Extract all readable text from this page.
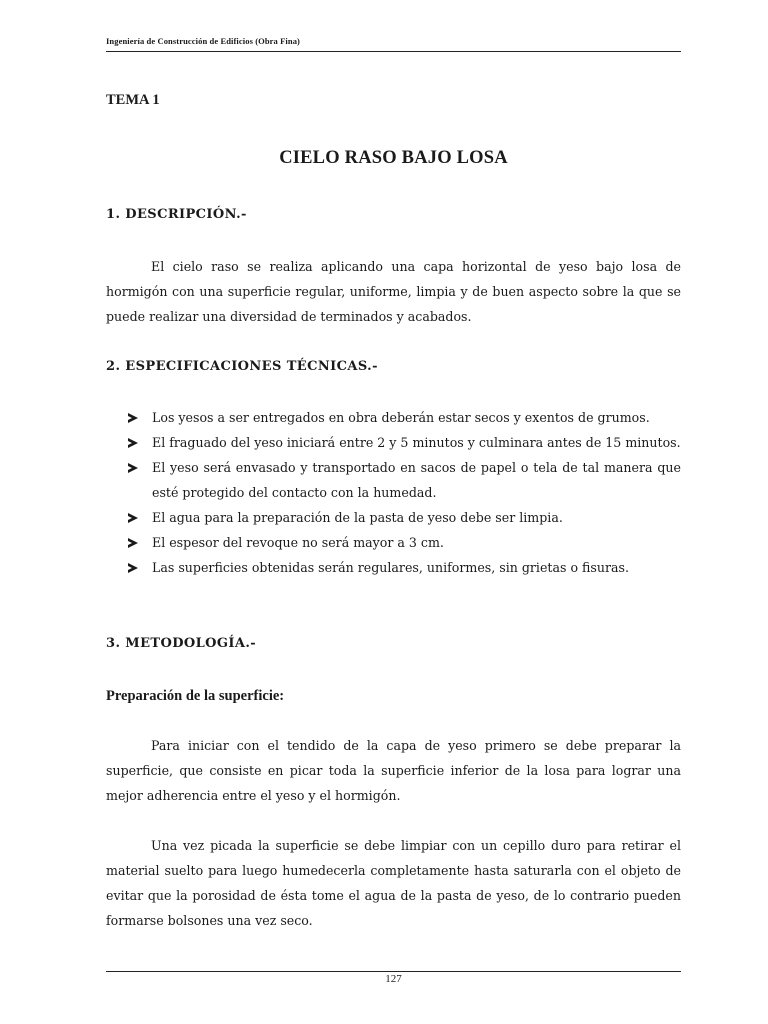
Ingeniería de Construcción de Edificios (Obra Fina)
TEMA 1
CIELO RASO BAJO LOSA
1. DESCRIPCIÓN.-

El cielo raso se realiza aplicando una capa horizontal de yeso bajo losa de hormigón con una superficie regular, uniforme, limpia y de buen aspecto sobre la que se puede realizar una diversidad de terminados y acabados.

2. ESPECIFICACIONES TÉCNICAS.-
Los yesos a ser entregados en obra deberán estar secos y exentos de grumos.
El fraguado del yeso iniciará entre 2 y 5 minutos y culminara antes de 15 minutos.
El yeso será envasado y transportado en sacos de papel o tela de tal manera que esté protegido del contacto con la humedad.
El agua para la preparación de la pasta de yeso debe ser limpia.
El espesor del revoque no será mayor a 3 cm.
Las superficies obtenidas serán regulares, uniformes, sin grietas o fisuras.
3. METODOLOGÍA.-
Preparación de la superficie:

Para iniciar con el tendido de la capa de yeso primero se debe preparar la superficie, que consiste en picar toda la superficie inferior de la losa para lograr una mejor adherencia entre el yeso y el hormigón.

Una vez picada la superficie se debe limpiar con un cepillo duro para retirar el material suelto para luego humedecerla completamente hasta saturarla con el objeto de evitar que la porosidad de ésta tome el agua de la pasta de yeso, de lo contrario pueden formarse bolsones una vez seco.

127
